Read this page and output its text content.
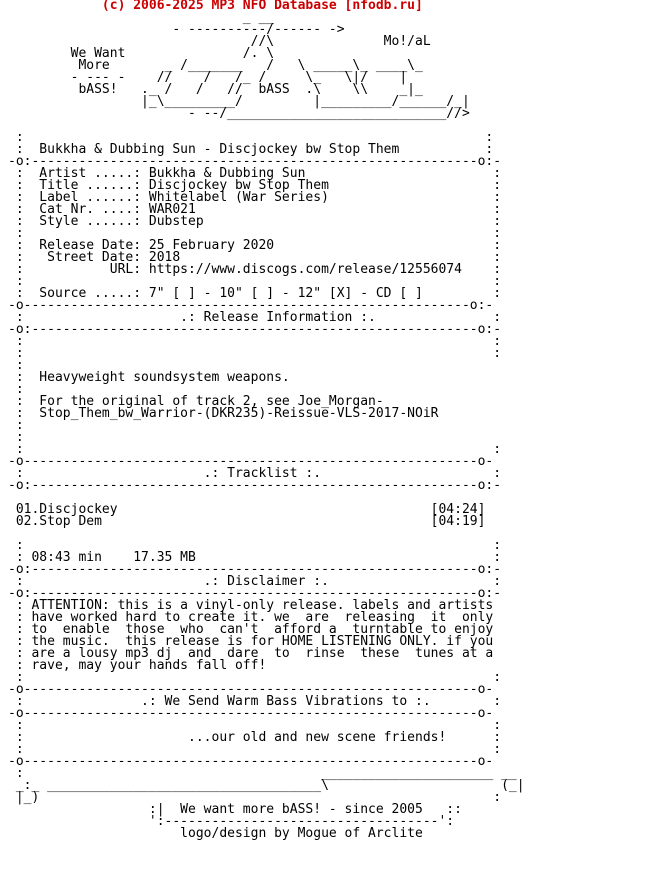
(c) 2006-2025 MP3 NFO Database [nfodb.ru]
_ __
- ----------/------ ->
//\              Mo!/aL
We Want               /. \
More       _ /_______   /   \ _____\_ ____\_
- --- -    //    /   /_ /     \_   \|/    |
bASS!   ._ /   /   //  bASS  .\    \\    _|_
|_\_________/         |_________/______/_|
- --/____________________________//>
:                                                           :
:  Bukkha & Dubbing Sun - Discjockey bw Stop Them           :
-o:---------------------------------------------------------o:-
:  Artist .....: Bukkha & Dubbing Sun                        :
:  Title ......: Discjockey bw Stop Them                     :
:  Label ......: Whitelabel (War Series)                     :
:  Cat Nr. ....: WAR021                                      :
:  Style ......: Dubstep                                     :
:                                                            :
:  Release Date: 25 February 2020                            :
:   Street Date: 2018                                        :
:           URL: https://www.discogs.com/release/12556074    :
:                                                            :
:  Source .....: 7" [ ] - 10" [ ] - 12" [X] - CD [ ]         :
-o---------------------------------------------------------o:-
:                    .: Release Information :.               :
-o:---------------------------------------------------------o:-
:                                                            :
:                                                            :
:
:  Heavyweight soundsystem weapons.
:
:  For the original of track 2, see Joe_Morgan-
:  Stop_Them_bw_Warrior-(DKR235)-Reissue-VLS-2017-NOiR
:
:
:                                                            :
-o----------------------------------------------------------o-
:                       .: Tracklist :.                      :
-o:---------------------------------------------------------o:-
01.Discjockey                                        [04:24]
02.Stop Dem                                          [04:19]
:                                                            :
: 08:43 min    17.35 MB                                      :
-o:---------------------------------------------------------o:-
:                       .: Disclaimer :.                     :
-o:---------------------------------------------------------o:-
: ATTENTION: this is a vinyl-only release. labels and artists
: have worked hard to create it. we  are  releasing  it  only
: to  enable  those  who  can't  afford a  turntable to enjoy
: the music.  this release is for HOME LISTENING ONLY. if you
: are a lousy mp3 dj  and  dare  to  rinse  these  tunes at a
: rave, may your hands fall off!
:                                                            :
-o----------------------------------------------------------o-
:               .: We Send Warm Bass Vibrations to :.        :
-o----------------------------------------------------------o-
:                                                            :
:                     ...our old and new scene friends!      :
:                                                            :
-o----------------------------------------------------------o-
:                                      ______________________ __
_:_ ___________________________________\                      (_|
|_)                                                          :
:|  We want more bASS! - since 2005   ::
':-----------------------------------':
logo/design by Mogue of Arclite
